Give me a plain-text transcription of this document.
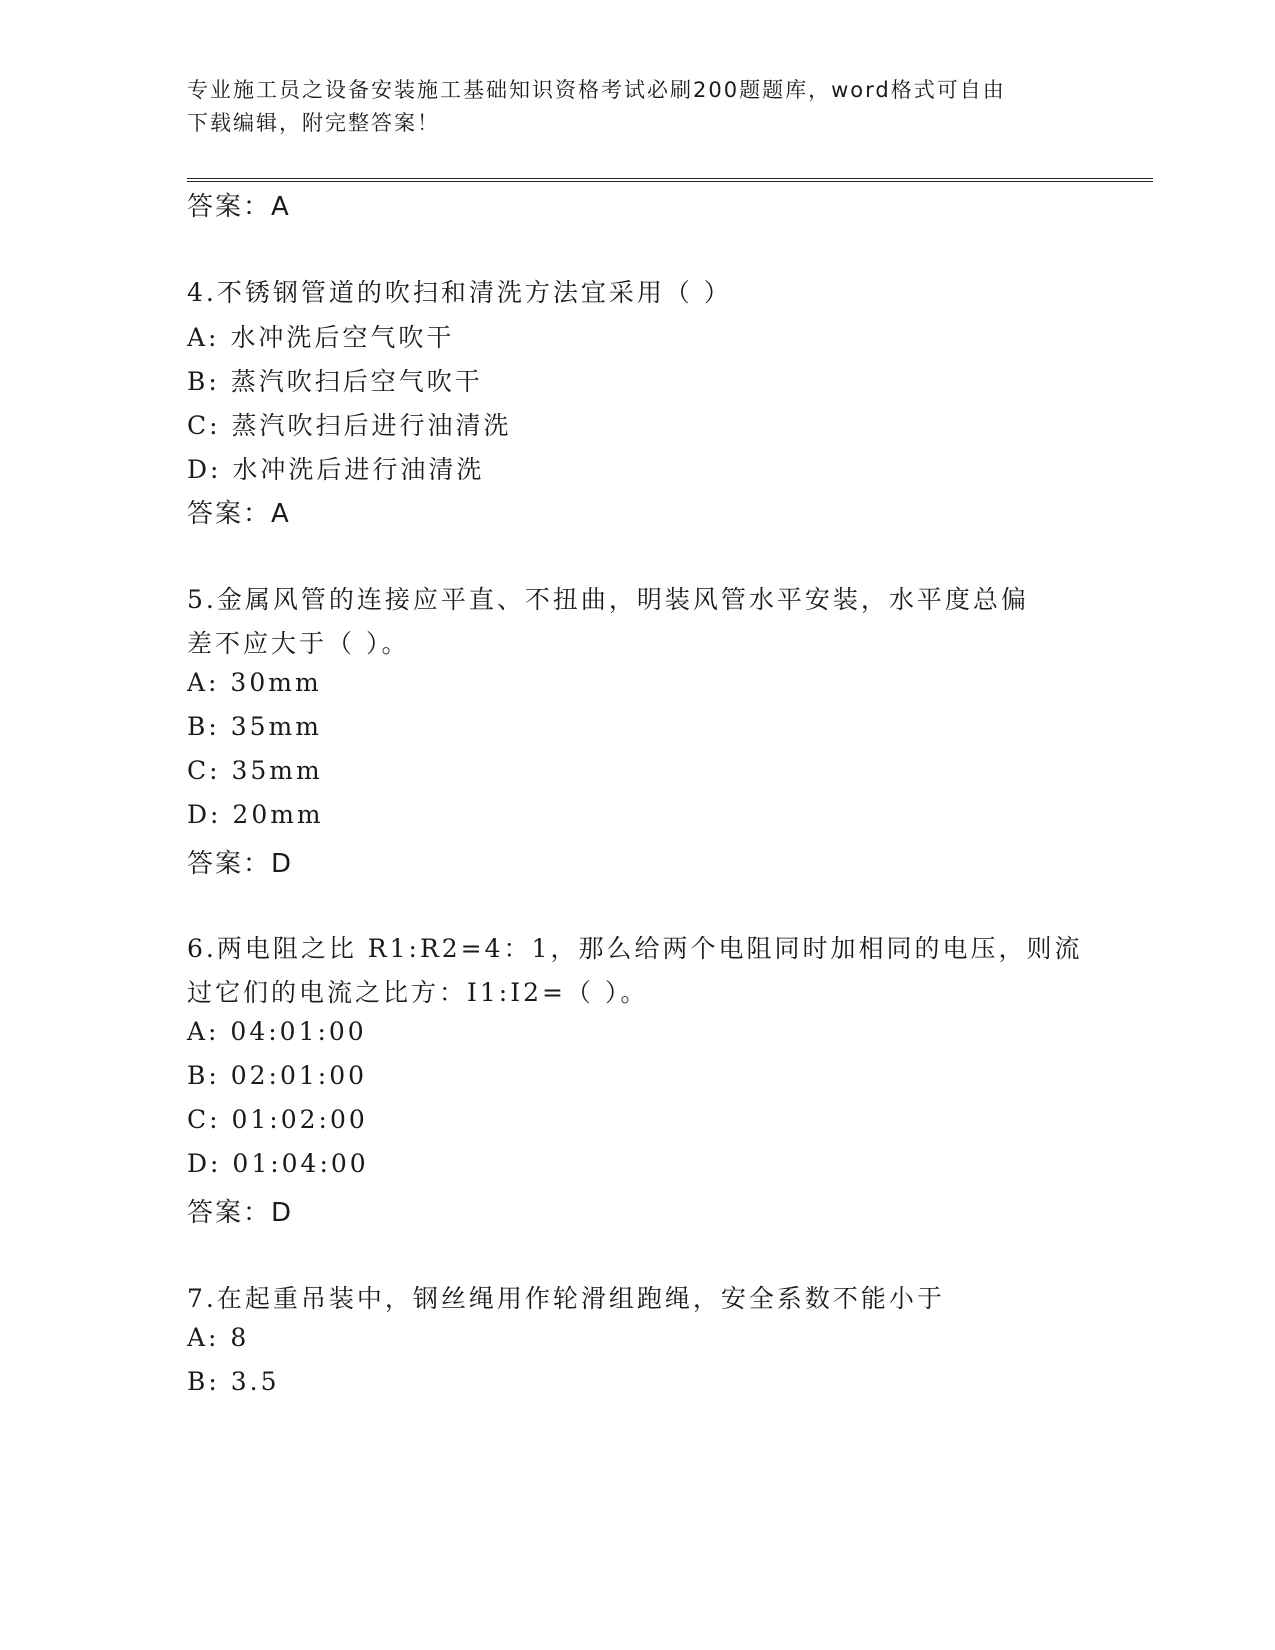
专业施工员之设备安装施工基础知识资格考试必刷200题题库，word格式可自由
下载编辑，附完整答案！
答案：A
4.不锈钢管道的吹扫和清洗方法宜采用（ ）
A: 水冲洗后空气吹干
B: 蒸汽吹扫后空气吹干
C: 蒸汽吹扫后进行油清洗
D: 水冲洗后进行油清洗
答案：A
5.金属风管的连接应平直、不扭曲，明装风管水平安装，水平度总偏
差不应大于（ ）。
A: 30mm
B: 35mm
C: 35mm
D: 20mm
答案：D
6.两电阻之比 R1:R2=4：1，那么给两个电阻同时加相同的电压，则流
过它们的电流之比方：I1:I2=（ ）。
A: 04:01:00
B: 02:01:00
C: 01:02:00
D: 01:04:00
答案：D
7.在起重吊装中，钢丝绳用作轮滑组跑绳，安全系数不能小于
A: 8
B: 3.5
